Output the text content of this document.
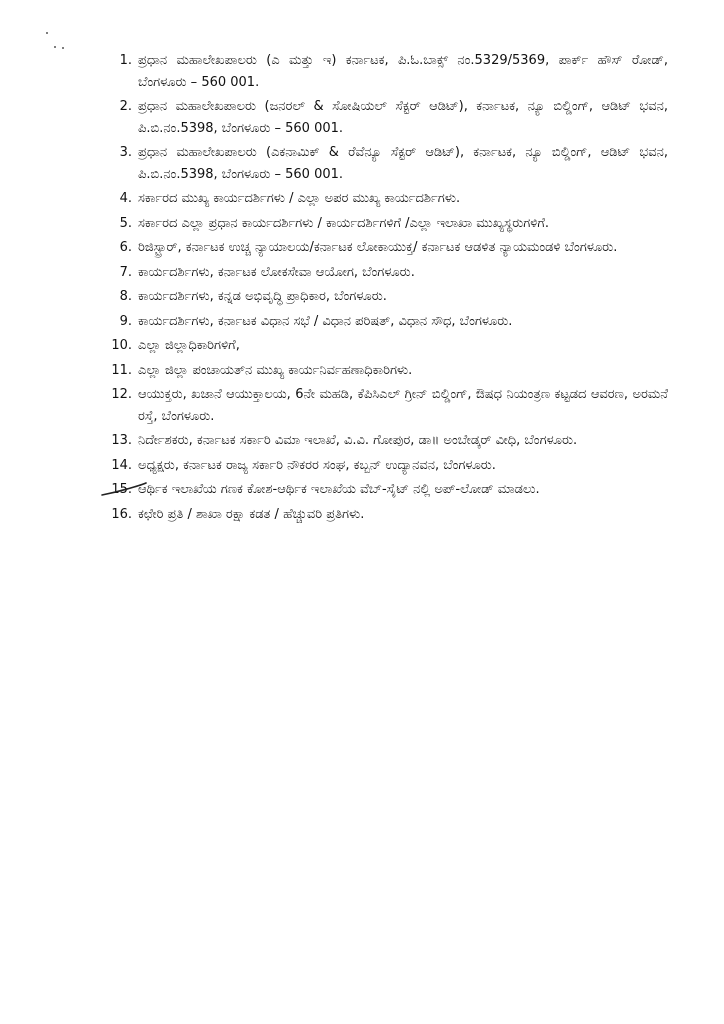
1. ಪ್ರಧಾನ ಮಹಾಲೇಖಪಾಲರು (ಎ ಮತ್ತು ಇ) ಕರ್ನಾಟಕ, ಪಿ.ಓ.ಬಾಕ್ಸ್ ನಂ.5329/5369, ಪಾರ್ಕ್ ಹೌಸ್ ರೋಡ್, ಬೆಂಗಳೂರು – 560 001.
2. ಪ್ರಧಾನ ಮಹಾಲೇಖಪಾಲರು (ಜನರಲ್ & ಸೋಷಿಯಲ್ ಸೆಕ್ಟರ್ ಆಡಿಟ್), ಕರ್ನಾಟಕ, ನ್ಯೂ ಬಿಲ್ಡಿಂಗ್, ಆಡಿಟ್ ಭವನ, ಪಿ.ಬಿ.ನಂ.5398, ಬೆಂಗಳೂರು – 560 001.
3. ಪ್ರಧಾನ ಮಹಾಲೇಖಪಾಲರು (ಎಕನಾಮಿಕ್ & ರೆವೆನ್ಯೂ ಸೆಕ್ಟರ್ ಆಡಿಟ್), ಕರ್ನಾಟಕ, ನ್ಯೂ ಬಿಲ್ಡಿಂಗ್, ಆಡಿಟ್ ಭವನ, ಪಿ.ಬಿ.ನಂ.5398, ಬೆಂಗಳೂರು – 560 001.
4. ಸರ್ಕಾರದ ಮುಖ್ಯ ಕಾರ್ಯದರ್ಶಿಗಳು / ಎಲ್ಲಾ ಅಪರ ಮುಖ್ಯ ಕಾರ್ಯದರ್ಶಿಗಳು.
5. ಸರ್ಕಾರದ ಎಲ್ಲಾ ಪ್ರಧಾನ ಕಾರ್ಯದರ್ಶಿಗಳು / ಕಾರ್ಯದರ್ಶಿಗಳಿಗೆ /ಎಲ್ಲಾ ಇಲಾಖಾ ಮುಖ್ಯಸ್ಥರುಗಳಿಗೆ.
6. ರಿಜಿಸ್ಟ್ರಾರ್, ಕರ್ನಾಟಕ ಉಚ್ಚ ನ್ಯಾಯಾಲಯ/ಕರ್ನಾಟಕ ಲೋಕಾಯುಕ್ತ/ ಕರ್ನಾಟಕ ಆಡಳಿತ ನ್ಯಾಯಮಂಡಳಿ ಬೆಂಗಳೂರು.
7. ಕಾರ್ಯದರ್ಶಿಗಳು, ಕರ್ನಾಟಕ ಲೋಕಸೇವಾ ಆಯೋಗ, ಬೆಂಗಳೂರು.
8. ಕಾರ್ಯದರ್ಶಿಗಳು, ಕನ್ನಡ ಅಭಿವೃದ್ಧಿ ಪ್ರಾಧಿಕಾರ, ಬೆಂಗಳೂರು.
9. ಕಾರ್ಯದರ್ಶಿಗಳು, ಕರ್ನಾಟಕ ವಿಧಾನ ಸಭೆ / ವಿಧಾನ ಪರಿಷತ್, ವಿಧಾನ ಸೌಧ, ಬೆಂಗಳೂರು.
10. ಎಲ್ಲಾ ಜಿಲ್ಲಾಧಿಕಾರಿಗಳಿಗೆ,
11. ಎಲ್ಲಾ ಜಿಲ್ಲಾ ಪಂಚಾಯತ್‌ನ ಮುಖ್ಯ ಕಾರ್ಯನಿರ್ವಹಣಾಧಿಕಾರಿಗಳು.
12. ಆಯುಕ್ತರು, ಖಜಾನೆ ಆಯುಕ್ತಾಲಯ, 6ನೇ ಮಹಡಿ, ಕೆಪಿಸಿಎಲ್ ಗ್ರೀನ್ ಬಿಲ್ಡಿಂಗ್, ಔಷಧ ನಿಯಂತ್ರಣ ಕಟ್ಟಡದ ಆವರಣ, ಅರಮನೆ ರಸ್ತೆ, ಬೆಂಗಳೂರು.
13. ನಿರ್ದೇಶಕರು, ಕರ್ನಾಟಕ ಸರ್ಕಾರಿ ವಿಮಾ ಇಲಾಖೆ, ವಿ.ವಿ. ಗೋಪುರ, ಡಾ॥ ಅಂಬೇಡ್ಕರ್ ವೀಧಿ, ಬೆಂಗಳೂರು.
14. ಅಧ್ಯಕ್ಷರು, ಕರ್ನಾಟಕ ರಾಜ್ಯ ಸರ್ಕಾರಿ ನೌಕರರ ಸಂಘ, ಕಬ್ಬನ್ ಉದ್ಯಾನವನ, ಬೆಂಗಳೂರು.
15. ಆರ್ಥಿಕ ಇಲಾಖೆಯ ಗಣಕ ಕೋಶ-ಆರ್ಥಿಕ ಇಲಾಖೆಯ ವೆಬ್-ಸೈಟ್ ನಲ್ಲಿ ಅಪ್-ಲೋಡ್ ಮಾಡಲು.
16. ಕಛೇರಿ ಪ್ರತಿ / ಶಾಖಾ ರಕ್ಷಾ ಕಡತ / ಹೆಚ್ಚುವರಿ ಪ್ರತಿಗಳು.
